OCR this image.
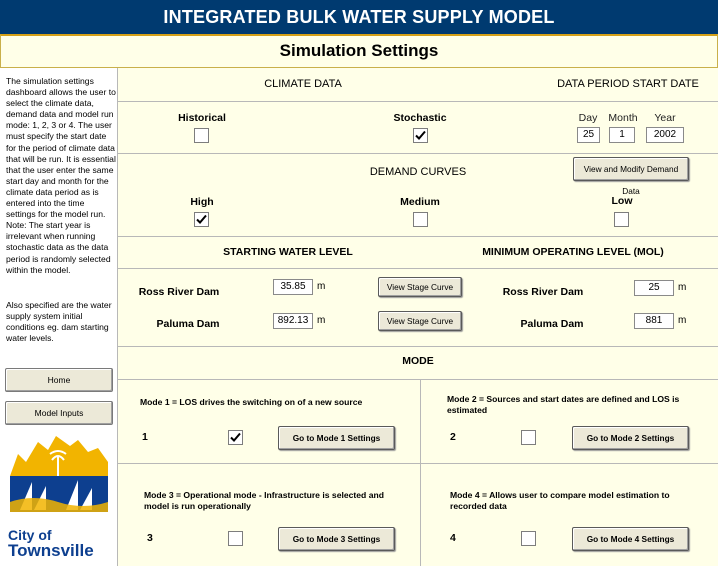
INTEGRATED BULK WATER SUPPLY MODEL
Simulation Settings
The simulation settings dashboard allows the user to select the climate data, demand data and model run mode: 1, 2, 3 or 4. The user must specify the start date for the period of climate data that will be run. It is essential that the user enter the same start day and month for the climate data period as is entered into the time settings for the model run. Note: The start year is irrelevant when running stochastic data as the data period is randomly selected within the model.
Also specified are the water supply system initial conditions eg. dam starting water levels.
Home
Model Inputs
City of
Townsville
CLIMATE DATA	DATA PERIOD START DATE
Historical	Stochastic	Day	Month	Year
25	1	2002
DEMAND CURVES	View and Modify Demand Data
High	Medium	Low
STARTING WATER LEVEL	MINIMUM OPERATING LEVEL (MOL)
Ross River Dam	35.85	m	View Stage Curve
Paluma Dam	892.13 m	View Stage Curve
Ross River Dam	25	m
Paluma Dam	881	m
MODE
Mode 1 = LOS drives the switching on of a new source
1	Go to Mode 1 Settings
Mode 2 = Sources and start dates are defined and LOS is estimated
2	Go to Mode 2 Settings
Mode 3 = Operational mode - Infrastructure is selected and model is run operationally
3	Go to Mode 3 Settings
Mode 4 = Allows user to compare model estimation to recorded data
4	Go to Mode 4 Settings
